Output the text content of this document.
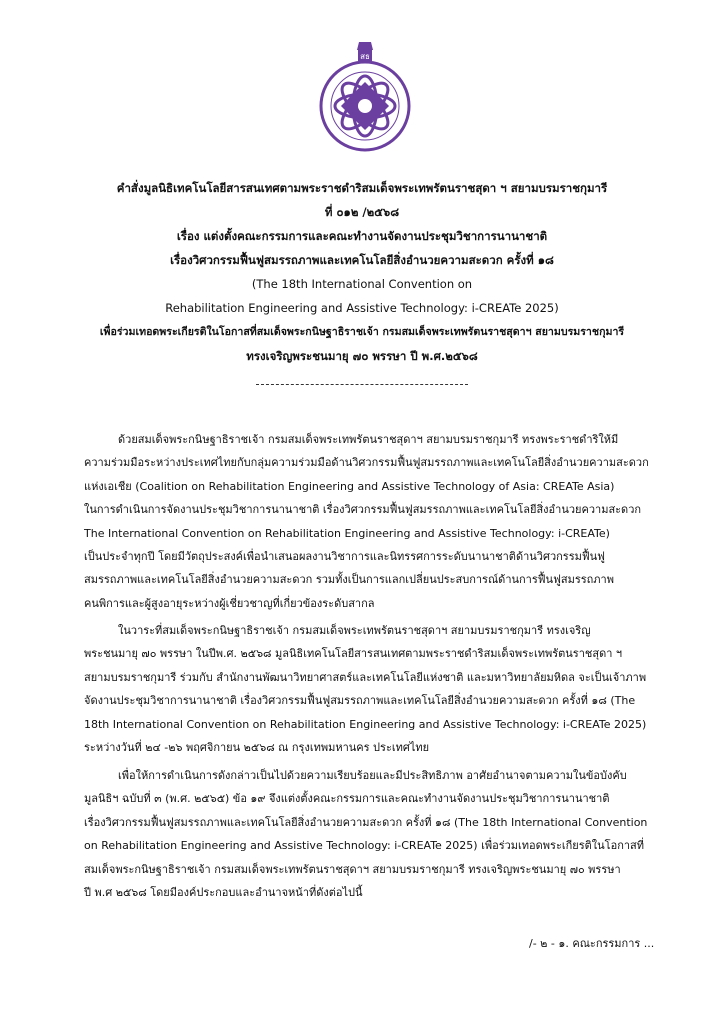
สธ
คำสั่งมูลนิธิเทคโนโลยีสารสนเทศตามพระราชดำริสมเด็จพระเทพรัตนราชสุดา ฯ สยามบรมราชกุมารี
ที่ ๐๑๒ /๒๕๖๘
เรื่อง แต่งตั้งคณะกรรมการและคณะทำงานจัดงานประชุมวิชาการนานาชาติ
เรื่องวิศวกรรมฟื้นฟูสมรรถภาพและเทคโนโลยีสิ่งอำนวยความสะดวก ครั้งที่ ๑๘
(The 18th International Convention on
Rehabilitation Engineering and Assistive Technology: i-CREATe 2025)
เพื่อร่วมเทอดพระเกียรติในโอกาสที่สมเด็จพระกนิษฐาธิราชเจ้า กรมสมเด็จพระเทพรัตนราชสุดาฯ สยามบรมราชกุมารี
ทรงเจริญพระชนมายุ ๗๐ พรรษา ปี พ.ศ.๒๕๖๘
ด้วยสมเด็จพระกนิษฐาธิราชเจ้า กรมสมเด็จพระเทพรัตนราชสุดาฯ สยามบรมราชกุมารี ทรงพระราชดำริให้มี
ความร่วมมือระหว่างประเทศไทยกับกลุ่มความร่วมมือด้านวิศวกรรมฟื้นฟูสมรรถภาพและเทคโนโลยีสิ่งอำนวยความสะดวก
แห่งเอเชีย (Coalition on Rehabilitation Engineering and Assistive Technology of Asia: CREATe Asia)
ในการดำเนินการจัดงานประชุมวิชาการนานาชาติ เรื่องวิศวกรรมฟื้นฟูสมรรถภาพและเทคโนโลยีสิ่งอำนวยความสะดวก
The International Convention on Rehabilitation Engineering and Assistive Technology: i-CREATe)
เป็นประจำทุกปี โดยมีวัตถุประสงค์เพื่อนำเสนอผลงานวิชาการและนิทรรศการระดับนานาชาติด้านวิศวกรรมฟื้นฟู
สมรรถภาพและเทคโนโลยีสิ่งอำนวยความสะดวก รวมทั้งเป็นการแลกเปลี่ยนประสบการณ์ด้านการฟื้นฟูสมรรถภาพ
คนพิการและผู้สูงอายุระหว่างผู้เชี่ยวชาญที่เกี่ยวข้องระดับสากล
ในวาระที่สมเด็จพระกนิษฐาธิราชเจ้า กรมสมเด็จพระเทพรัตนราชสุดาฯ สยามบรมราชกุมารี ทรงเจริญ
พระชนมายุ ๗๐ พรรษา ในปีพ.ศ. ๒๕๖๘ มูลนิธิเทคโนโลยีสารสนเทศตามพระราชดำริสมเด็จพระเทพรัตนราชสุดา ฯ
สยามบรมราชกุมารี ร่วมกับ สำนักงานพัฒนาวิทยาศาสตร์และเทคโนโลยีแห่งชาติ และมหาวิทยาลัยมหิดล จะเป็นเจ้าภาพ
จัดงานประชุมวิชาการนานาชาติ เรื่องวิศวกรรมฟื้นฟูสมรรถภาพและเทคโนโลยีสิ่งอำนวยความสะดวก ครั้งที่ ๑๘ (The
18th International Convention on Rehabilitation Engineering and Assistive Technology: i-CREATe 2025)
ระหว่างวันที่ ๒๔ -๒๖ พฤศจิกายน ๒๕๖๘ ณ กรุงเทพมหานคร ประเทศไทย
เพื่อให้การดำเนินการดังกล่าวเป็นไปด้วยความเรียบร้อยและมีประสิทธิภาพ อาศัยอำนาจตามความในข้อบังคับ
มูลนิธิฯ ฉบับที่ ๓ (พ.ศ. ๒๕๖๕) ข้อ ๑๙ จึงแต่งตั้งคณะกรรมการและคณะทำงานจัดงานประชุมวิชาการนานาชาติ
เรื่องวิศวกรรมฟื้นฟูสมรรถภาพและเทคโนโลยีสิ่งอำนวยความสะดวก ครั้งที่ ๑๘ (The 18th International Convention
on Rehabilitation Engineering and Assistive Technology: i-CREATe 2025) เพื่อร่วมเทอดพระเกียรติในโอกาสที่
สมเด็จพระกนิษฐาธิราชเจ้า กรมสมเด็จพระเทพรัตนราชสุดาฯ สยามบรมราชกุมารี ทรงเจริญพระชนมายุ ๗๐ พรรษา
ปี พ.ศ ๒๕๖๘ โดยมีองค์ประกอบและอำนาจหน้าที่ดังต่อไปนี้
/- ๒ - ๑. คณะกรรมการ ...
